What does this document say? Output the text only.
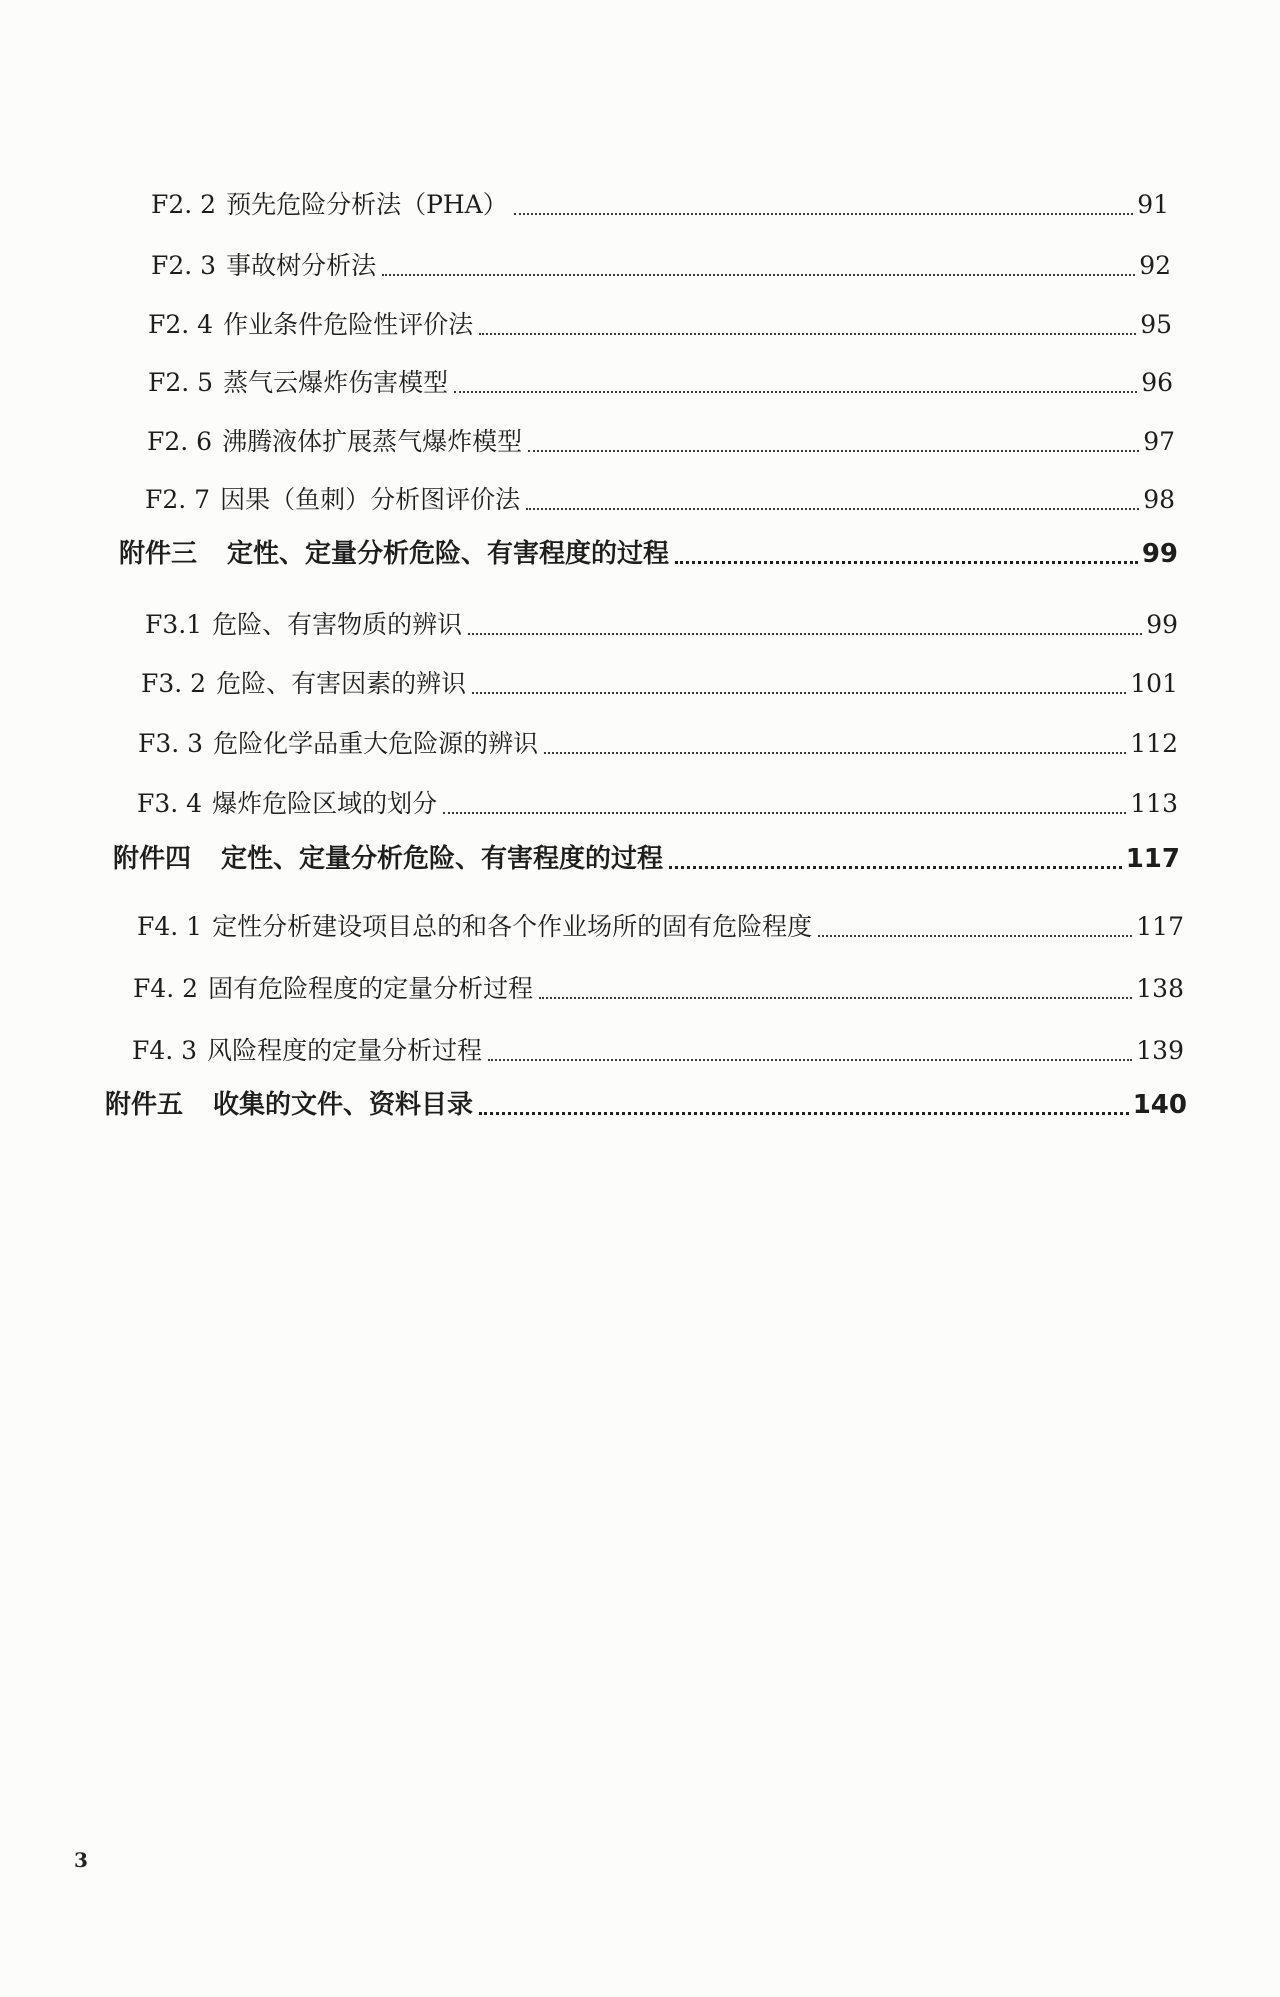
F2. 2 预先危险分析法（PHA）	91
F2. 3 事故树分析法	92
F2. 4 作业条件危险性评价法	95
F2. 5 蒸气云爆炸伤害模型	96
F2. 6 沸腾液体扩展蒸气爆炸模型	97
F2. 7 因果（鱼刺）分析图评价法	98
附件三 定性、定量分析危险、有害程度的过程	99
F3.1 危险、有害物质的辨识	99
F3. 2 危险、有害因素的辨识	101
F3. 3 危险化学品重大危险源的辨识	112
F3. 4 爆炸危险区域的划分	113
附件四 定性、定量分析危险、有害程度的过程	117
F4. 1 定性分析建设项目总的和各个作业场所的固有危险程度	117
F4. 2 固有危险程度的定量分析过程	138
F4. 3 风险程度的定量分析过程	139
附件五 收集的文件、资料目录	140
3
